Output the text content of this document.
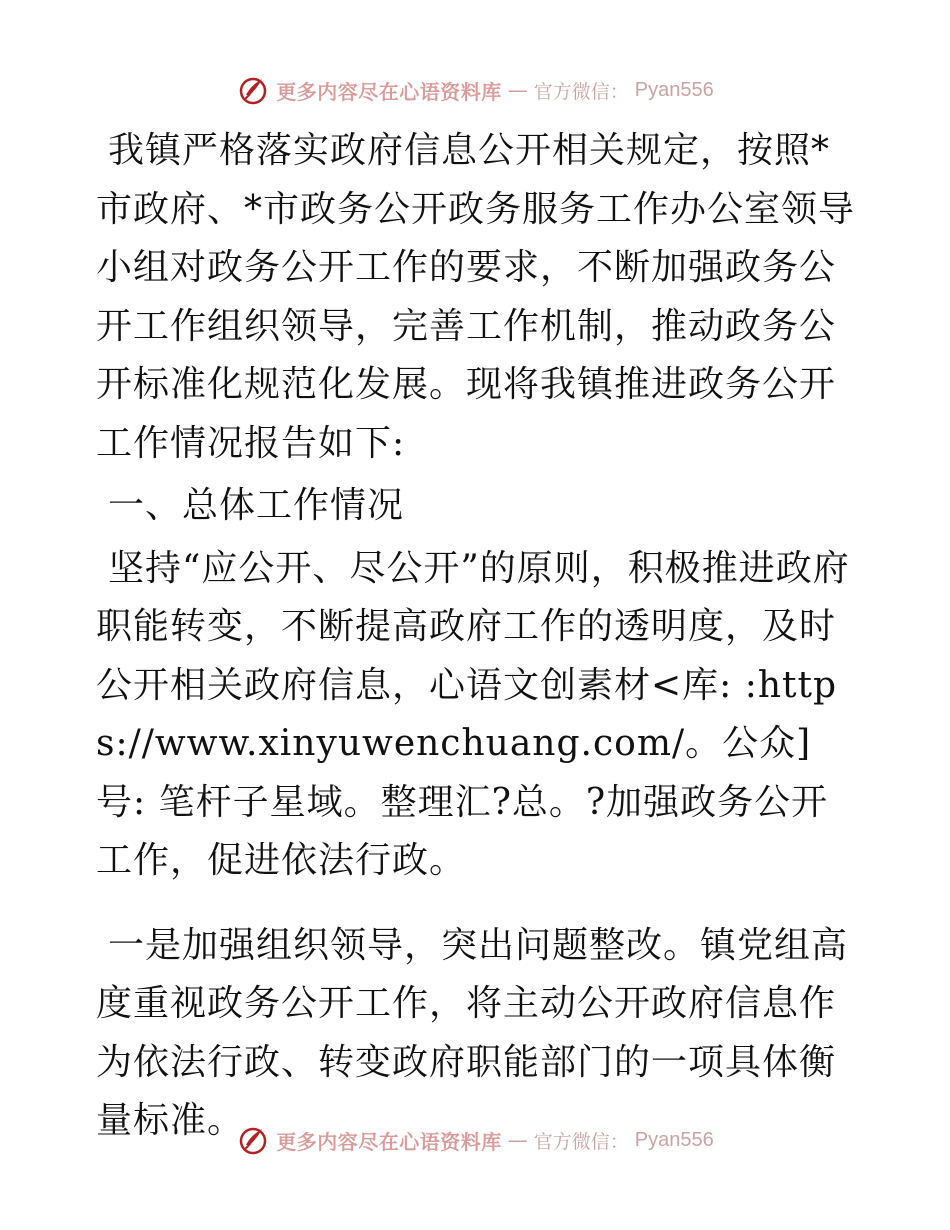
更多内容尽在心语资料库 — 官方微信： Pyan556

我镇严格落实政府信息公开相关规定，按照*市政府、*市政务公开政务服务工作办公室领导小组对政务公开工作的要求，不断加强政务公开工作组织领导，完善工作机制，推动政务公开标准化规范化发展。现将我镇推进政务公开工作情况报告如下:

一、总体工作情况

坚持“应公开、尽公开”的原则，积极推进政府职能转变，不断提高政府工作的透明度，及时公开相关政府信息，心语文创素材<库: :https://www.xinyuwenchuang.com/。公众]号: 笔杆子星域。整理汇?总。?加强政务公开工作，促进依法行政。

一是加强组织领导，突出问题整改。镇党组高度重视政务公开工作，将主动公开政府信息作为依法行政、转变政府职能部门的一项具体衡量标准。

更多内容尽在心语资料库 — 官方微信： Pyan556
